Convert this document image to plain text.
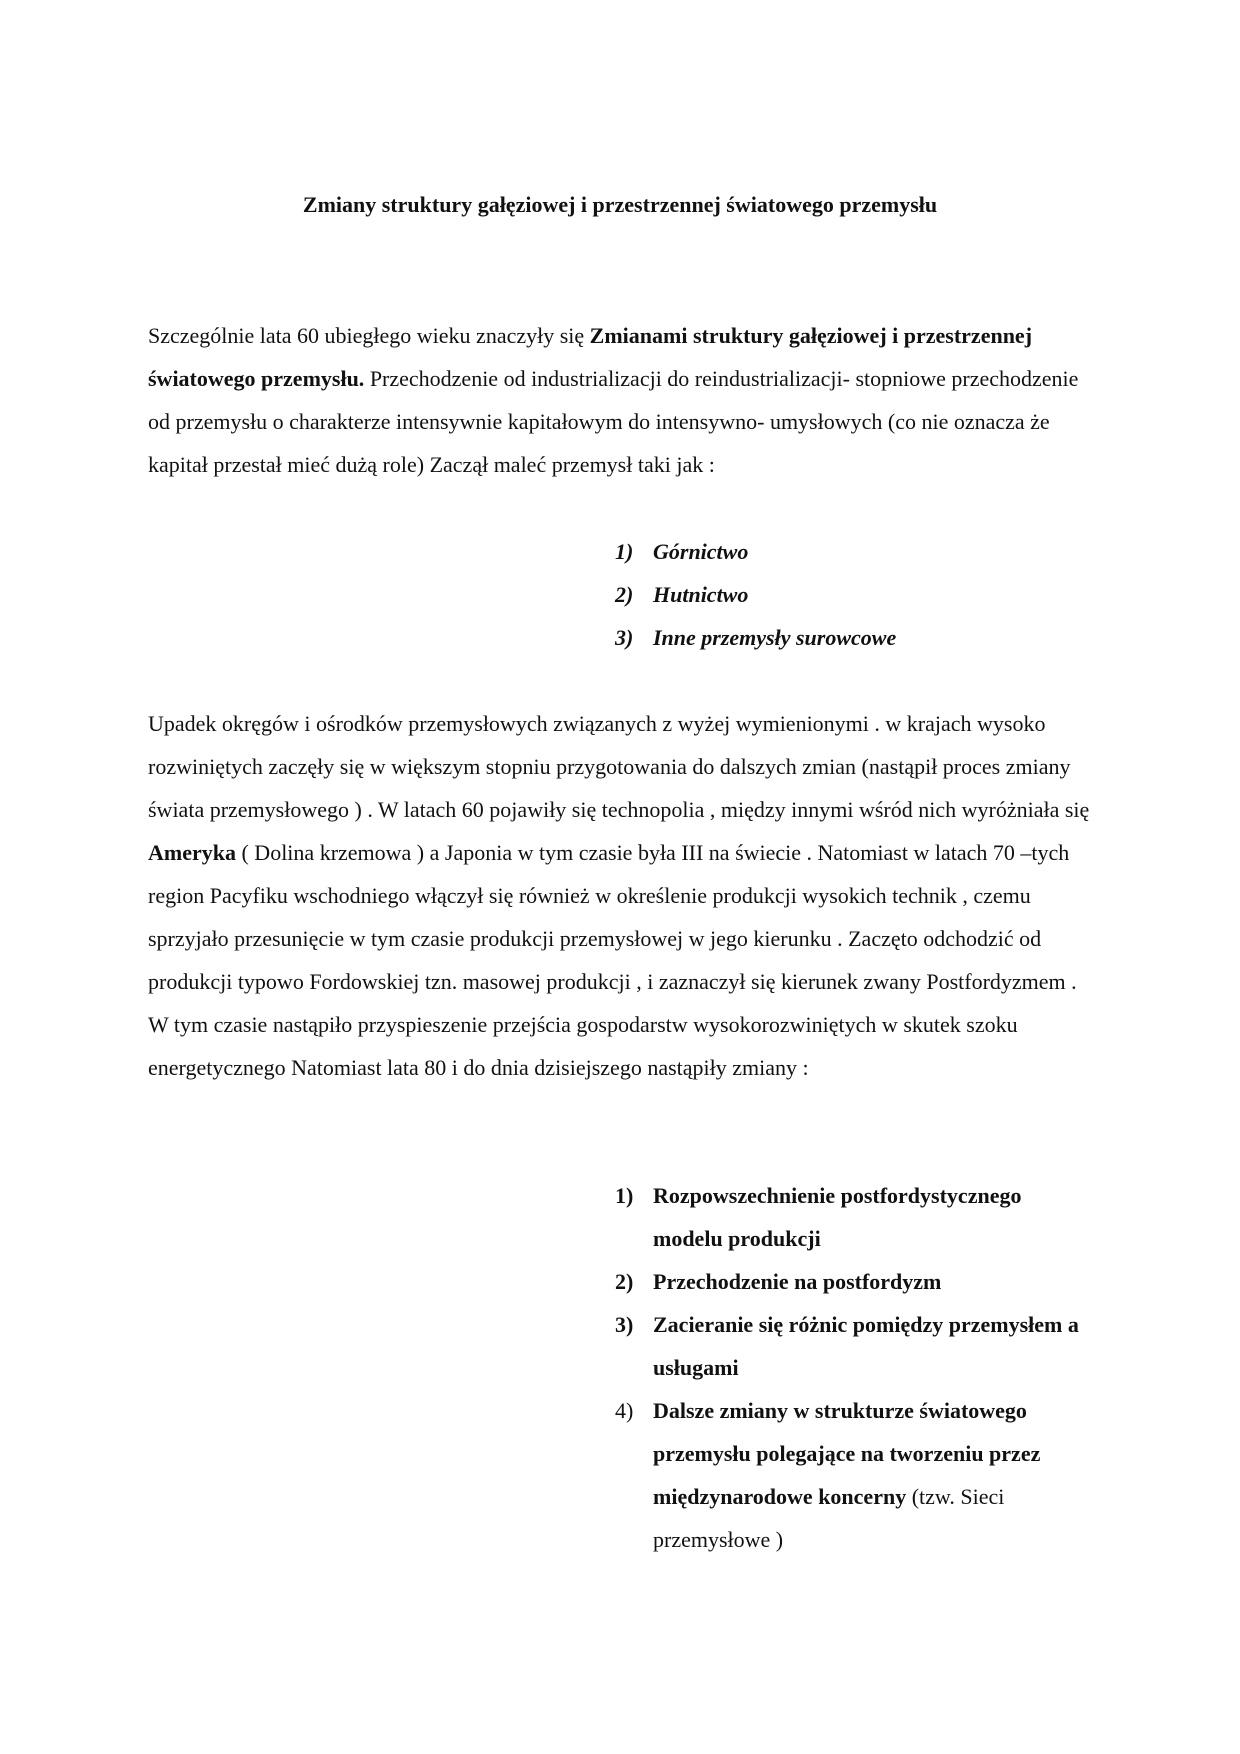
Zmiany struktury gałęziowej i przestrzennej światowego przemysłu

Szczególnie lata 60 ubiegłego wieku znaczyły się Zmianami struktury gałęziowej i przestrzennej światowego przemysłu. Przechodzenie od industrializacji do reindustrializacji- stopniowe przechodzenie od przemysłu o charakterze intensywnie kapitałowym do intensywno- umysłowych (co nie oznacza że kapitał przestał mieć dużą role) Zaczął maleć przemysł taki jak :

1) Górnictwo
2) Hutnictwo
3) Inne przemysły surowcowe

Upadek okręgów i ośrodków przemysłowych związanych z wyżej wymienionymi . w krajach wysoko rozwiniętych zaczęły się w większym stopniu przygotowania do dalszych zmian (nastąpił proces zmiany świata przemysłowego ) . W latach 60 pojawiły się technopolia , między innymi wśród nich wyróżniała się Ameryka ( Dolina krzemowa ) a Japonia w tym czasie była III na świecie . Natomiast w latach 70 –tych region Pacyfiku wschodniego włączył się również w określenie produkcji wysokich technik , czemu sprzyjało przesunięcie w tym czasie produkcji przemysłowej w jego kierunku . Zaczęto odchodzić od produkcji typowo Fordowskiej tzn. masowej produkcji , i zaznaczył się kierunek zwany Postfordyzmem . W tym czasie nastąpiło przyspieszenie przejścia gospodarstw wysokorozwiniętych w skutek szoku energetycznego Natomiast lata 80 i do dnia dzisiejszego nastąpiły zmiany :

1) Rozpowszechnienie postfordystycznego modelu produkcji
2) Przechodzenie na postfordyzm
3) Zacieranie się różnic pomiędzy przemysłem a usługami
4) Dalsze zmiany w strukturze światowego przemysłu polegające na tworzeniu przez międzynarodowe koncerny (tzw. Sieci przemysłowe )
